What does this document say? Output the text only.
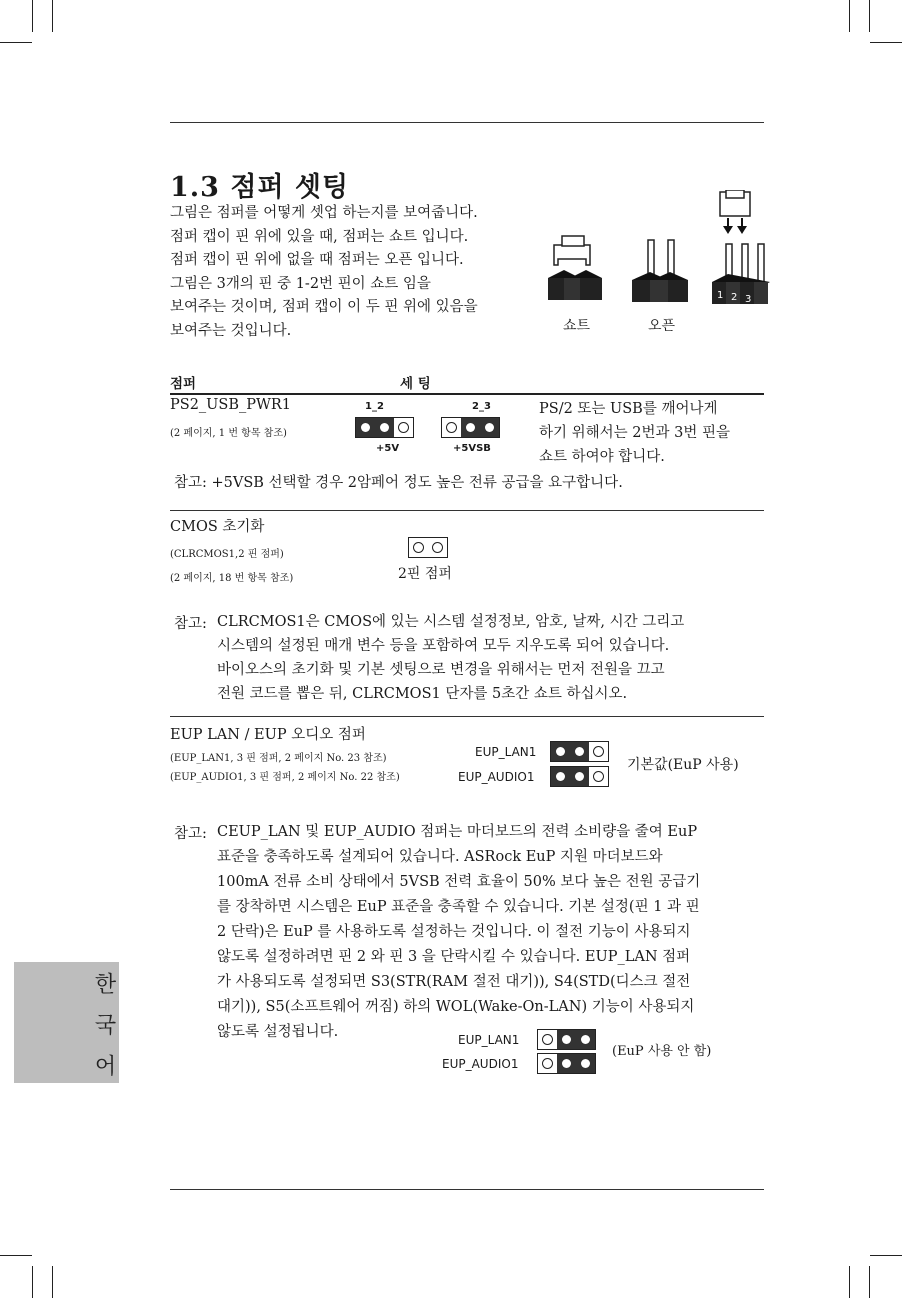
1.3 점퍼 셋팅
그림은 점퍼를 어떻게 셋업 하는지를 보여줍니다.
점퍼 캡이 핀 위에 있을 때, 점퍼는 쇼트 입니다.
점퍼 캡이 핀 위에 없을 때 점퍼는 오픈 입니다.
그림은 3개의 핀 중 1-2번 핀이 쇼트 임을
보여주는 것이며, 점퍼 캡이 이 두 핀 위에 있음을
보여주는 것입니다.
1 2 3
쇼트	오픈
점퍼	세 팅
PS2_USB_PWR1
(2 페이지, 1 번 항목 참조)
1_2	2_3
+5V	+5VSB
PS/2 또는 USB를 깨어나게
하기 위해서는 2번과 3번 핀을
쇼트 하여야 합니다.
참고: +5VSB 선택할 경우 2암페어 정도 높은 전류 공급을 요구합니다.
CMOS 초기화
(CLRCMOS1,2 핀 점퍼)
(2 페이지, 18 번 항목 참조)	2핀 점퍼
참고: CLRCMOS1은 CMOS에 있는 시스템 설정정보, 암호, 날짜, 시간 그리고
시스템의 설정된 매개 변수 등을 포함하여 모두 지우도록 되어 있습니다.
바이오스의 초기화 및 기본 셋팅으로 변경을 위해서는 먼저 전원을 끄고
전원 코드를 뽑은 뒤, CLRCMOS1 단자를 5초간 쇼트 하십시오.
EUP LAN / EUP 오디오 점퍼
(EUP_LAN1, 3 핀 점퍼, 2 페이지 No. 23 참조)
(EUP_AUDIO1, 3 핀 점퍼, 2 페이지 No. 22 참조)
EUP_LAN1
EUP_AUDIO1
기본값(EuP 사용)
참고: CEUP_LAN 및 EUP_AUDIO 점퍼는 마더보드의 전력 소비량을 줄여 EuP
표준을 충족하도록 설계되어 있습니다. ASRock EuP 지원 마더보드와
100mA 전류 소비 상태에서 5VSB 전력 효율이 50% 보다 높은 전원 공급기
를 장착하면 시스템은 EuP 표준을 충족할 수 있습니다. 기본 설정(핀 1 과 핀
2 단락)은 EuP 를 사용하도록 설정하는 것입니다. 이 절전 기능이 사용되지
않도록 설정하려면 핀 2 와 핀 3 을 단락시킬 수 있습니다. EUP_LAN 점퍼
가 사용되도록 설정되면 S3(STR(RAM 절전 대기)), S4(STD(디스크 절전
대기)), S5(소프트웨어 꺼짐) 하의 WOL(Wake-On-LAN) 기능이 사용되지
않도록 설정됩니다.	EUP_LAN1
EUP_AUDIO1
(EuP 사용 안 함)
한 국 어
